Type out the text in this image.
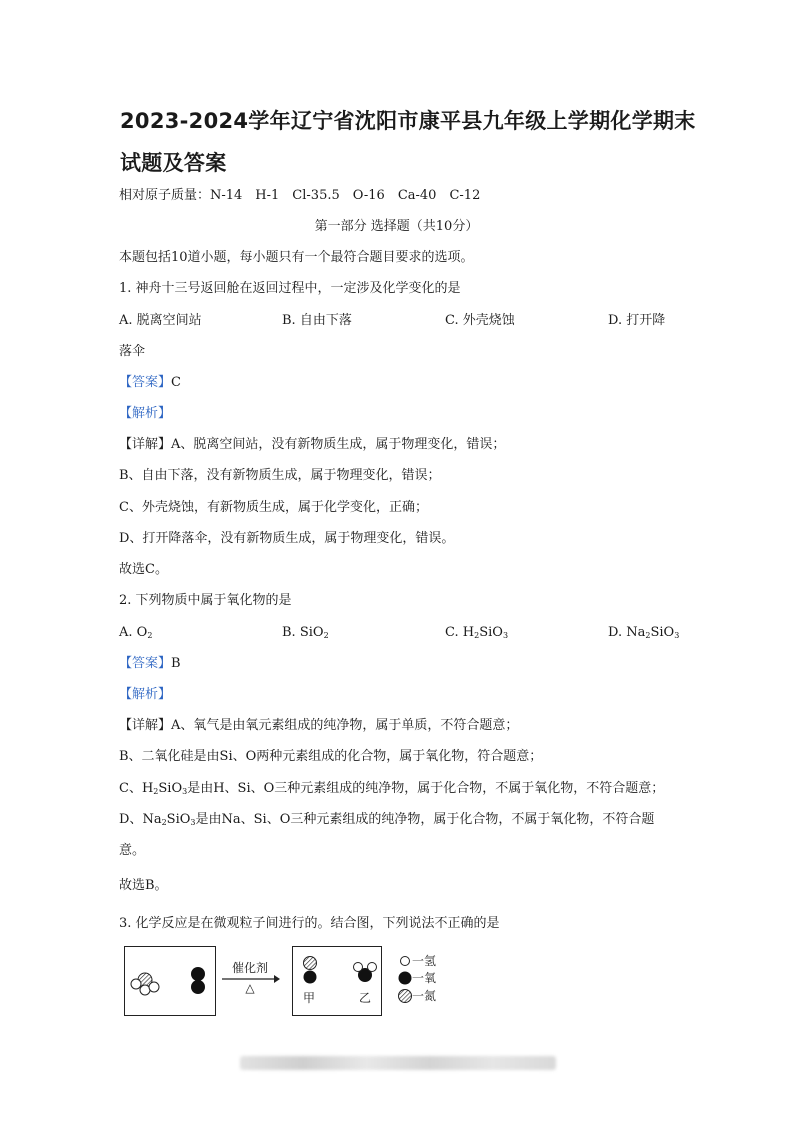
2023-2024学年辽宁省沈阳市康平县九年级上学期化学期末试题及答案
相对原子质量：N-14　H-1　Cl-35.5　O-16　Ca-40　C-12
第一部分 选择题（共10分）
本题包括10道小题，每小题只有一个最符合题目要求的选项。
1. 神舟十三号返回舱在返回过程中，一定涉及化学变化的是
A. 脱离空间站	B. 自由下落	C. 外壳烧蚀	D. 打开降
落伞
【答案】C
【解析】
【详解】A、脱离空间站，没有新物质生成，属于物理变化，错误；
B、自由下落，没有新物质生成，属于物理变化，错误；
C、外壳烧蚀，有新物质生成，属于化学变化，正确；
D、打开降落伞，没有新物质生成，属于物理变化，错误。
故选C。
2. 下列物质中属于氧化物的是
A. $O_2$	B. SiO$_2$	C. $H_2SiO_3$	D. $Na_2SiO_3$
【答案】B
【解析】
【详解】A、氧气是由氧元素组成的纯净物，属于单质，不符合题意；
B、二氧化硅是由Si、O两种元素组成的化合物，属于氧化物，符合题意；
C、$H_2SiO_3$是由H、Si、O三种元素组成的纯净物，属于化合物，不属于氧化物，不符合题意；
D、$Na_2SiO_3$是由Na、Si、O三种元素组成的纯净物，属于化合物，不属于氧化物，不符合题
意。
故选B。
3. 化学反应是在微观粒子间进行的。结合图，下列说法不正确的是
催化剂
△
甲	乙
一氢
一氧
一氮
